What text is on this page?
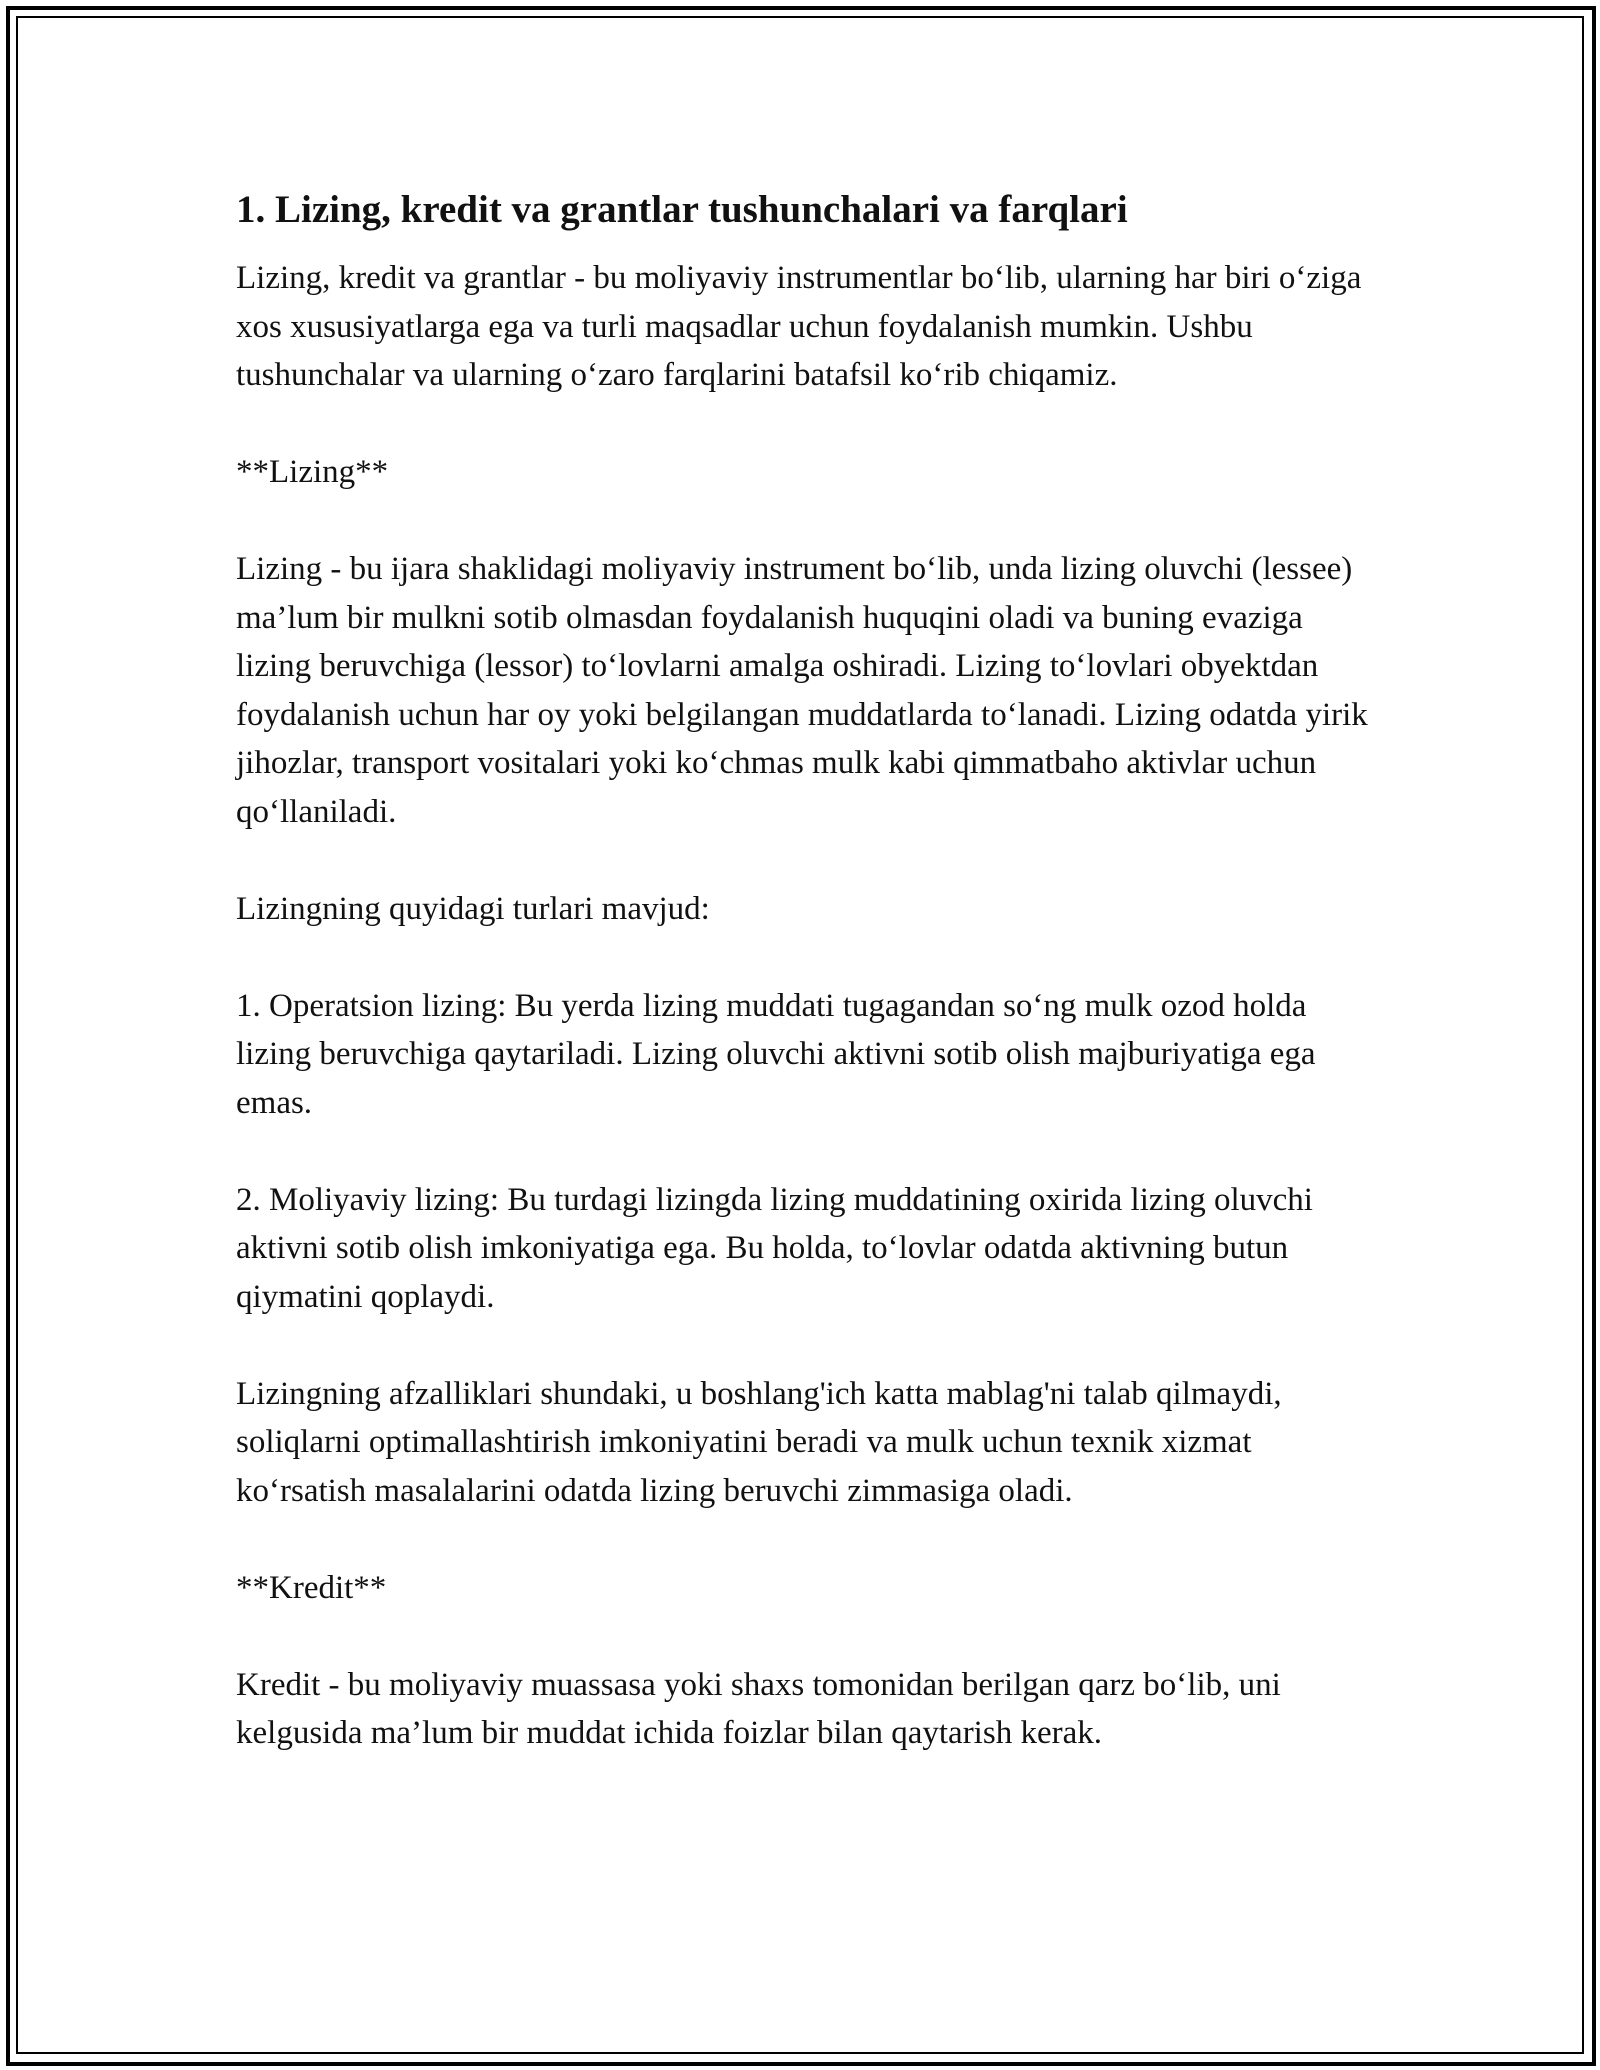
1. Lizing, kredit va grantlar tushunchalari va farqlari

Lizing, kredit va grantlar - bu moliyaviy instrumentlar bo‘lib, ularning har biri o‘ziga xos xususiyatlarga ega va turli maqsadlar uchun foydalanish mumkin. Ushbu tushunchalar va ularning o‘zaro farqlarini batafsil ko‘rib chiqamiz.

**Lizing**

Lizing - bu ijara shaklidagi moliyaviy instrument bo‘lib, unda lizing oluvchi (lessee) ma’lum bir mulkni sotib olmasdan foydalanish huquqini oladi va buning evaziga lizing beruvchiga (lessor) to‘lovlarni amalga oshiradi. Lizing to‘lovlari obyektdan foydalanish uchun har oy yoki belgilangan muddatlarda to‘lanadi. Lizing odatda yirik jihozlar, transport vositalari yoki ko‘chmas mulk kabi qimmatbaho aktivlar uchun qo‘llaniladi.

Lizingning quyidagi turlari mavjud:

1. Operatsion lizing: Bu yerda lizing muddati tugagandan so‘ng mulk ozod holda lizing beruvchiga qaytariladi. Lizing oluvchi aktivni sotib olish majburiyatiga ega emas.

2. Moliyaviy lizing: Bu turdagi lizingda lizing muddatining oxirida lizing oluvchi aktivni sotib olish imkoniyatiga ega. Bu holda, to‘lovlar odatda aktivning butun qiymatini qoplaydi.

Lizingning afzalliklari shundaki, u boshlang'ich katta mablag'ni talab qilmaydi, soliqlarni optimallashtirish imkoniyatini beradi va mulk uchun texnik xizmat ko‘rsatish masalalarini odatda lizing beruvchi zimmasiga oladi.

**Kredit**

Kredit - bu moliyaviy muassasa yoki shaxs tomonidan berilgan qarz bo‘lib, uni kelgusida ma’lum bir muddat ichida foizlar bilan qaytarish kerak.
